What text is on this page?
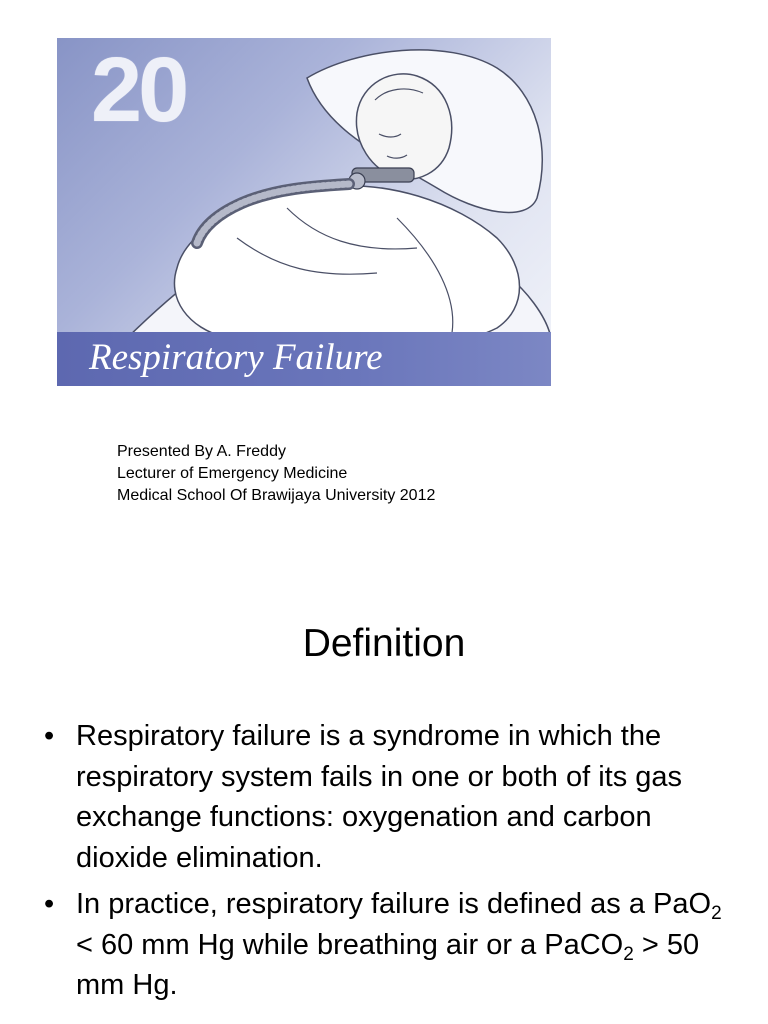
20
Respiratory Failure
Presented By A. Freddy
Lecturer of Emergency Medicine
Medical School Of Brawijaya University 2012
Definition
• Respiratory failure is a syndrome in which the respiratory system fails in one or both of its gas exchange functions: oxygenation and carbon dioxide elimination.
• In practice, respiratory failure is defined as a PaO$_2$ < 60 mm Hg while breathing air or a PaCO$_2$ > 50 mm Hg.
